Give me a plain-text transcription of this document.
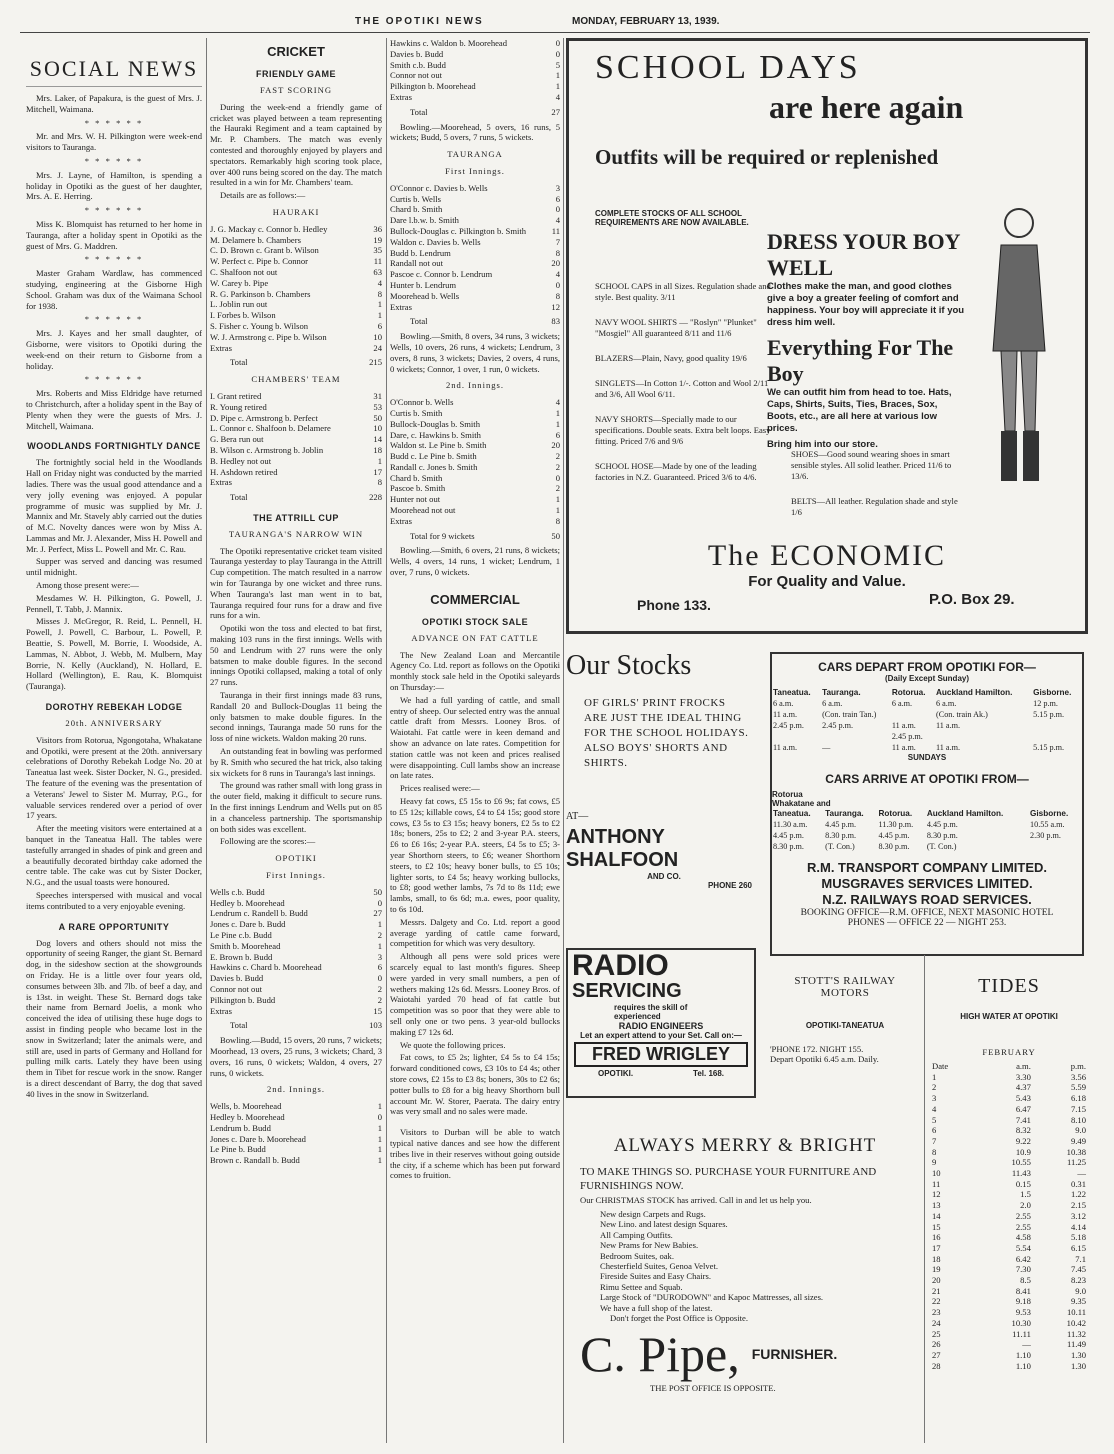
THE OPOTIKI NEWS	MONDAY, FEBRUARY 13, 1939.
SOCIAL NEWS

Mrs. Laker, of Papakura, is the guest of Mrs. J. Mitchell, Waimana.

* * * * * *

Mr. and Mrs. W. H. Pilkington were week-end visitors to Tauranga.

* * * * * *

Mrs. J. Layne, of Hamilton, is spending a holiday in Opotiki as the guest of her daughter, Mrs. A. E. Herring.

* * * * * *

Miss K. Blomquist has returned to her home in Tauranga, after a holiday spent in Opotiki as the guest of Mrs. G. Maddren.

* * * * * *

Master Graham Wardlaw, has commenced studying, engineering at the Gisborne High School. Graham was dux of the Waimana School for 1938.

* * * * * *

Mrs. J. Kayes and her small daughter, of Gisborne, were visitors to Opotiki during the week-end on their return to Gisborne from a holiday.

* * * * * *

Mrs. Roberts and Miss Eldridge have returned to Christchurch, after a holiday spent in the Bay of Plenty when they were the guests of Mrs. J. Mitchell, Waimana.

WOODLANDS FORTNIGHTLY DANCE

The fortnightly social held in the Woodlands Hall on Friday night was conducted by the married ladies. There was the usual good attendance and a very jolly evening was enjoyed. A popular programme of music was supplied by Mr. J. Mannix and Mr. Stavely ably carried out the duties of M.C. Novelty dances were won by Miss A. Lammas and Mr. J. Alexander, Miss H. Powell and Mr. J. Perfect, Miss L. Powell and Mr. C. Rau.

Supper was served and dancing was resumed until midnight.

Among those present were:—

Mesdames W. H. Pilkington, G. Powell, J. Pennell, T. Tabb, J. Mannix.

Misses J. McGregor, R. Reid, L. Pennell, H. Powell, J. Powell, C. Barbour, L. Powell, P. Beattie, S. Powell, M. Borrie, I. Woodside, A. Lammas, N. Abbot, J. Webb, M. Mulbern, May Borrie, N. Kelly (Auckland), N. Hollard, E. Hollard (Wellington), E. Rau, K. Blomquist (Tauranga).

DOROTHY REBEKAH LODGE
20th. ANNIVERSARY

Visitors from Rotorua, Ngongotaha, Whakatane and Opotiki, were present at the 20th. anniversary celebrations of Dorothy Rebekah Lodge No. 20 at Taneatua last week. Sister Docker, N. G., presided. The feature of the evening was the presentation of a Veterans' Jewel to Sister M. Murray, P.G., for valuable services rendered over a period of over 17 years.

After the meeting visitors were entertained at a banquet in the Taneatua Hall. The tables were tastefully arranged in shades of pink and green and a beautifully decorated birthday cake adorned the centre table. The cake was cut by Sister Docker, N.G., and the usual toasts were honoured.

Speeches interspersed with musical and vocal items contributed to a very enjoyable evening.

A RARE OPPORTUNITY

Dog lovers and others should not miss the opportunity of seeing Ranger, the giant St. Bernard dog, in the sideshow section at the showgrounds on Friday. He is a little over four years old, consumes between 3lb. and 7lb. of beef a day, and is 13st. in weight. These St. Bernard dogs take their name from Bernard Joelis, a monk who conceived the idea of utilising these huge dogs to assist in finding people who became lost in the snow in Switzerland; later the animals were, and still are, used in parts of Germany and Holland for pulling milk carts. Lately they have been using them in Tibet for rescue work in the snow. Ranger is a direct descendant of Barry, the dog that saved 40 lives in the snow in Switzerland.

CRICKET
FRIENDLY GAME
FAST SCORING

During the week-end a friendly game of cricket was played between a team representing the Hauraki Regiment and a team captained by Mr. P. Chambers. The match was evenly contested and thoroughly enjoyed by players and spectators. Remarkably high scoring took place, over 400 runs being scored on the day. The match resulted in a win for Mr. Chambers' team.

Details are as follows:—

HAURAKI
J. G. Mackay c. Connor b. Hedley	36
M. Delamere b. Chambers	19
C. D. Brown c. Grant b. Wilson	35
W. Perfect c. Pipe b. Connor	11
C. Shalfoon not out	63
W. Carey b. Pipe	4
R. G. Parkinson b. Chambers	8
L. Joblin run out	1
I. Forbes b. Wilson	1
S. Fisher c. Young b. Wilson	6
W. J. Armstrong c. Pipe b. Wilson	10
Extras	24
Total	215
CHAMBERS' TEAM
I. Grant retired	31
R. Young retired	53
D. Pipe c. Armstrong b. Perfect	50
L. Connor c. Shalfoon b. Delamere	10
G. Bera run out	14
B. Wilson c. Armstrong b. Joblin	18
B. Hedley not out	1
H. Ashdown retired	17
Extras	8
Total	228
THE ATTRILL CUP
TAURANGA'S NARROW WIN

The Opotiki representative cricket team visited Tauranga yesterday to play Tauranga in the Attrill Cup competition. The match resulted in a narrow win for Tauranga by one wicket and three runs. When Tauranga's last man went in to bat, Tauranga required four runs for a draw and five runs for a win.

Opotiki won the toss and elected to bat first, making 103 runs in the first innings. Wells with 50 and Lendrum with 27 runs were the only batsmen to make double figures. In the second innings Opotiki collapsed, making a total of only 27 runs.

Tauranga in their first innings made 83 runs, Randall 20 and Bullock-Douglas 11 being the only batsmen to make double figures. In the second innings, Tauranga made 50 runs for the loss of nine wickets. Waldon making 20 runs.

An outstanding feat in bowling was performed by R. Smith who secured the hat trick, also taking six wickets for 8 runs in Tauranga's last innings.

The ground was rather small with long grass in the outer field, making it difficult to secure runs. In the first innings Lendrum and Wells put on 85 in a chanceless partnership. The sportsmanship on both sides was excellent.

Following are the scores:—

OPOTIKI
First Innings.
Wells c.b. Budd	50
Hedley b. Moorehead	0
Lendrum c. Randell b. Budd	27
Jones c. Dare b. Budd	1
Le Pine c.b. Budd	2
Smith b. Moorehead	1
E. Brown b. Budd	3
Hawkins c. Chard b. Moorehead	6
Davies b. Budd	0
Connor not out	2
Pilkington b. Budd	2
Extras	15
Total	103

Bowling.—Budd, 15 overs, 20 runs, 7 wickets; Moorhead, 13 overs, 25 runs, 3 wickets; Chard, 3 overs, 16 runs, 0 wickets; Waldon, 4 overs, 27 runs, 0 wickets.

2nd. Innings.
Wells, b. Moorehead	1
Hedley b. Moorehead	0
Lendrum b. Budd	1
Jones c. Dare b. Moorehead	1
Le Pine b. Budd	1
Brown c. Randall b. Budd	1
Hawkins c. Waldon b. Moorehead	0
Davies b. Budd	0
Smith c.b. Budd	5
Connor not out	1
Pilkington b. Moorehead	1
Extras	4
Total	27

Bowling.—Moorehead, 5 overs, 16 runs, 5 wickets; Budd, 5 overs, 7 runs, 5 wickets.

TAURANGA
First Innings.
O'Connor c. Davies b. Wells	3
Curtis b. Wells	6
Chard b. Smith	0
Dare l.b.w. b. Smith	4
Bullock-Douglas c. Pilkington b. Smith	11
Waldon c. Davies b. Wells	7
Budd b. Lendrum	8
Randall not out	20
Pascoe c. Connor b. Lendrum	4
Hunter b. Lendrum	0
Moorehead b. Wells	8
Extras	12
Total	83

Bowling.—Smith, 8 overs, 34 runs, 3 wickets; Wells, 10 overs, 26 runs, 4 wickets; Lendrum, 3 overs, 8 runs, 3 wickets; Davies, 2 overs, 4 runs, 0 wickets; Connor, 1 over, 1 run, 0 wickets.

2nd. Innings.
O'Connor b. Wells	4
Curtis b. Smith	1
Bullock-Douglas b. Smith	1
Dare, c. Hawkins b. Smith	6
Waldon st. Le Pine b. Smith	20
Budd c. Le Pine b. Smith	2
Randall c. Jones b. Smith	2
Chard b. Smith	0
Pascoe b. Smith	2
Hunter not out	1
Moorehead not out	1
Extras	8
Total for 9 wickets	50

Bowling.—Smith, 6 overs, 21 runs, 8 wickets; Wells, 4 overs, 14 runs, 1 wicket; Lendrum, 1 over, 7 runs, 0 wickets.

COMMERCIAL
OPOTIKI STOCK SALE
ADVANCE ON FAT CATTLE

The New Zealand Loan and Mercantile Agency Co. Ltd. report as follows on the Opotiki monthly stock sale held in the Opotiki saleyards on Thursday:—

We had a full yarding of cattle, and small entry of sheep. Our selected entry was the annual cattle draft from Messrs. Looney Bros. of Waiotahi. Fat cattle were in keen demand and show an advance on late rates. Competition for station cattle was not keen and prices realised were disappointing. Cull lambs show an increase on late rates.

Prices realised were:—

Heavy fat cows, £5 15s to £6 9s; fat cows, £5 to £5 12s; killable cows, £4 to £4 15s; good store cows, £3 5s to £3 15s; heavy boners, £2 5s to £2 18s; boners, 25s to £2; 2 and 3-year P.A. steers, £6 to £6 16s; 2-year P.A. steers, £4 5s to £5; 3-year Shorthorn steers, to £6; weaner Shorthorn steers, to £2 10s; heavy boner bulls, to £5 10s; lighter sorts, to £4 5s; heavy working bullocks, to £8; good wether lambs, 7s 7d to 8s 11d; ewe lambs, small, to 6s 6d; m.a. ewes, poor quality, to 6s 10d.

Messrs. Dalgety and Co. Ltd. report a good average yarding of cattle came forward, competition for which was very desultory.

Although all pens were sold prices were scarcely equal to last month's figures. Sheep were yarded in very small numbers, a pen of wethers making 12s 6d. Messrs. Looney Bros. of Waiotahi yarded 70 head of fat cattle but competition was so poor that they were able to sell only one or two pens. 3 year-old bullocks making £7 12s 6d.

We quote the following prices.

Fat cows, to £5 2s; lighter, £4 5s to £4 15s; forward conditioned cows, £3 10s to £4 4s; other store cows, £2 15s to £3 8s; boners, 30s to £2 6s; potter bulls to £8 for a big heavy Shorthorn bull account Mr. W. Storer, Paerata. The dairy entry was very small and no sales were made.

Visitors to Durban will be able to watch typical native dances and see how the different tribes live in their reserves without going outside the city, if a scheme which has been put forward comes to fruition.

SCHOOL DAYS
are here again
Outfits will be required or replenished
COMPLETE STOCKS OF ALL SCHOOL REQUIREMENTS ARE NOW AVAILABLE.

SCHOOL CAPS in all Sizes. Regulation shade and style. Best quality. 3/11

NAVY WOOL SHIRTS — "Roslyn" "Plunket" "Mosgiel" All guaranteed 8/11 and 11/6

BLAZERS—Plain, Navy, good quality 19/6

SINGLETS—In Cotton 1/-. Cotton and Wool 2/11 and 3/6, All Wool 6/11.

NAVY SHORTS—Specially made to our specifications. Double seats. Extra belt loops. Easy fitting. Priced 7/6 and 9/6

SCHOOL HOSE—Made by one of the leading factories in N.Z. Guaranteed. Priced 3/6 to 4/6.

DRESS YOUR BOY WELL
Clothes make the man, and good clothes give a boy a greater feeling of comfort and happiness. Your boy will appreciate it if you dress him well.
Everything For The Boy
We can outfit him from head to toe. Hats, Caps, Shirts, Suits, Ties, Braces, Sox, Boots, etc., are all here at various low prices.
Bring him into our store.

SHOES—Good sound wearing shoes in smart sensible styles. All solid leather. Priced 11/6 to 13/6.

BELTS—All leather. Regulation shade and style 1/6

The ECONOMIC
For Quality and Value.
Phone 133.	P.O. Box 29.
Our Stocks
OF GIRLS' PRINT FROCKS ARE JUST THE IDEAL THING FOR THE SCHOOL HOLIDAYS. ALSO BOYS' SHORTS AND SHIRTS.
AT—
ANTHONY SHALFOON
AND CO.
PHONE 260
CARS DEPART FROM OPOTIKI FOR—
(Daily Except Sunday)
Taneatua.	Tauranga.	Rotorua.	Auckland Hamilton.	Gisborne.
6 a.m.	6 a.m.	6 a.m.	6 a.m.	12 p.m.
11 a.m.	(Con. train Tan.)		(Con. train Ak.)	5.15 p.m.
2.45 p.m.	2.45 p.m.	11 a.m.	11 a.m.	
		2.45 p.m.		
11 a.m.	—	11 a.m.	11 a.m.	5.15 p.m.
SUNDAYS
CARS ARRIVE AT OPOTIKI FROM—
Rotorua Whakatane and
Taneatua.	Tauranga.	Rotorua.	Auckland Hamilton.	Gisborne.
11.30 a.m.	4.45 p.m.	11.30 p.m.	4.45 p.m.	10.55 a.m.
4.45 p.m.	8.30 p.m.	4.45 p.m.	8.30 p.m.	2.30 p.m.
8.30 p.m.	(T. Con.)	8.30 p.m.	(T. Con.)	
R.M. TRANSPORT COMPANY LIMITED.
MUSGRAVES SERVICES LIMITED.
N.Z. RAILWAYS ROAD SERVICES.
BOOKING OFFICE—R.M. OFFICE, NEXT MASONIC HOTEL
PHONES — OFFICE 22 — NIGHT 253.
RADIO
SERVICING
requires the skill of experienced
RADIO ENGINEERS
Let an expert attend to your Set. Call on:—
FRED WRIGLEY
OPOTIKI.	Tel. 168.
STOTT'S RAILWAY MOTORS
OPOTIKI-TANEATUA
'PHONE 172. NIGHT 155.
Depart Opotiki 6.45 a.m. Daily.
ALWAYS MERRY & BRIGHT
TO MAKE THINGS SO. PURCHASE YOUR FURNITURE AND FURNISHINGS NOW.
Our CHRISTMAS STOCK has arrived. Call in and let us help you.
New design Carpets and Rugs.
New Lino. and latest design Squares.
All Camping Outfits.
New Prams for New Babies.
Bedroom Suites, oak.
Chesterfield Suites, Genoa Velvet.
Fireside Suites and Easy Chairs.
Rimu Settee and Squab.
Large Stock of "DURODOWN" and Kapoc Mattresses, all sizes.
We have a full shop of the latest.
Don't forget the Post Office is Opposite.
C. Pipe, FURNISHER.
THE POST OFFICE IS OPPOSITE.
TIDES
HIGH WATER AT OPOTIKI
FEBRUARY
Date	a.m.	p.m.
1	3.30	3.56
2	4.37	5.59
3	5.43	6.18
4	6.47	7.15
5	7.41	8.10
6	8.32	9.0
7	9.22	9.49
8	10.9	10.38
9	10.55	11.25
10	11.43	—
11	0.15	0.31
12	1.5	1.22
13	2.0	2.15
14	2.55	3.12
15	2.55	4.14
16	4.58	5.18
17	5.54	6.15
18	6.42	7.1
19	7.30	7.45
20	8.5	8.23
21	8.41	9.0
22	9.18	9.35
23	9.53	10.11
24	10.30	10.42
25	11.11	11.32
26	—	11.49
27	1.10	1.30
28	1.10	1.30
